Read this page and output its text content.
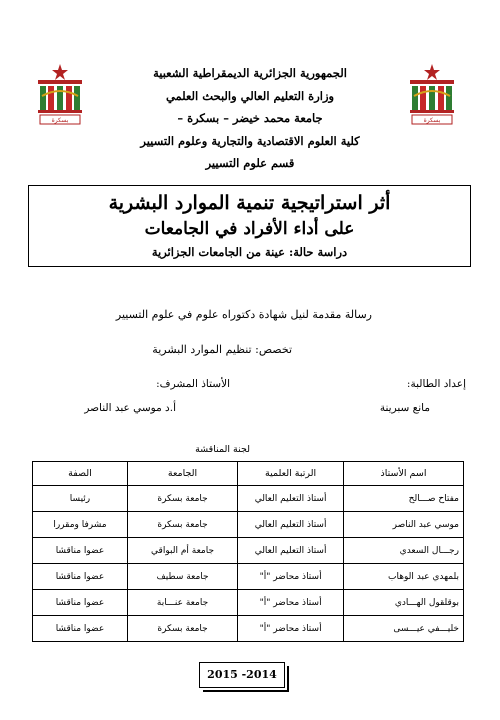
بسكرة	بسكرة
الجمهورية الجزائرية الديمقراطية الشعبية
وزارة التعليم العالي والبحث العلمي
جامعة محمد خيضر – بسكرة –
كلية العلوم الاقتصادية والتجارية وعلوم التسيير
قسم علوم التسيير
أثر استراتيجية تنمية الموارد البشرية
على أداء الأفراد في الجامعات
دراسة حالة: عينة من الجامعات الجزائرية
رسالة مقدمة لنيل شهادة دكتوراه علوم في علوم التسيير
تخصص: تنظيم الموارد البشرية
إعداد الطالبة:
مانع سبرينة
الأستاذ المشرف:
أ.د موسي عبد الناصر
لجنة المناقشة
اسم الأستاذ	الرتبة العلمية	الجامعة	الصفة
مفتاح صـــالح	أستاذ التعليم العالي	جامعة بسكرة	رئيسا
موسي عبد الناصر	أستاذ التعليم العالي	جامعة بسكرة	مشرفا ومقررا
رجـــال السعدي	أستاذ التعليم العالي	جامعة أم البواقي	عضوا مناقشا
بلمهدي عبد الوهاب	أستاذ محاضر "أ"	جامعة سطيف	عضوا مناقشا
بوقلقول الهـــادي	أستاذ محاضر "أ"	جامعة عنـــابة	عضوا مناقشا
خليـــفي عيـــسى	أستاذ محاضر "أ"	جامعة بسكرة	عضوا مناقشا
2015 -2014
